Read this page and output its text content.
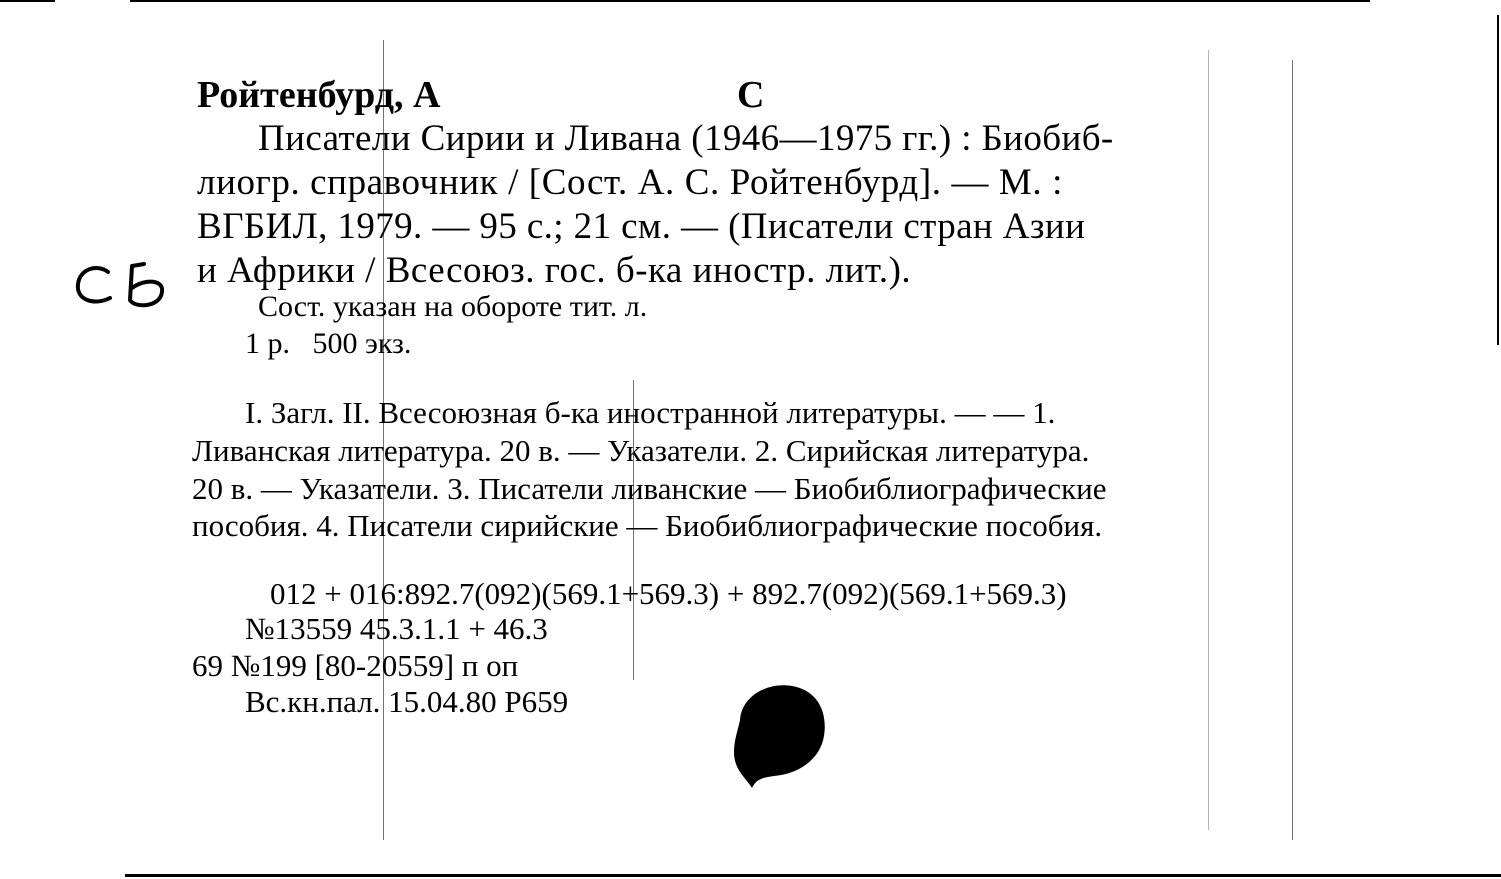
Ройтенбурд, А	С
Писатели Сирии и Ливана (1946—1975 гг.) : Биобиб-
лиогр. справочник / [Сост. А. С. Ройтенбурд]. — М. :
ВГБИЛ, 1979. — 95 с.; 21 см. — (Писатели стран Азии
и Африки / Всесоюз. гос. б-ка иностр. лит.).
Сост. указан на обороте тит. л.
1 р.   500 экз.
I. Загл. II. Всесоюзная б-ка иностранной литературы. — — 1.
Ливанская литература. 20 в. — Указатели. 2. Сирийская литература.
20 в. — Указатели. 3. Писатели ливанские — Биобиблиографические
пособия. 4. Писатели сирийские — Биобиблиографические пособия.
012 + 016:892.7(092)(569.1+569.3) + 892.7(092)(569.1+569.3)
№13559 45.3.1.1 + 46.3
69 №199 [80-20559] п оп
Вс.кн.пал. 15.04.80 Р659
